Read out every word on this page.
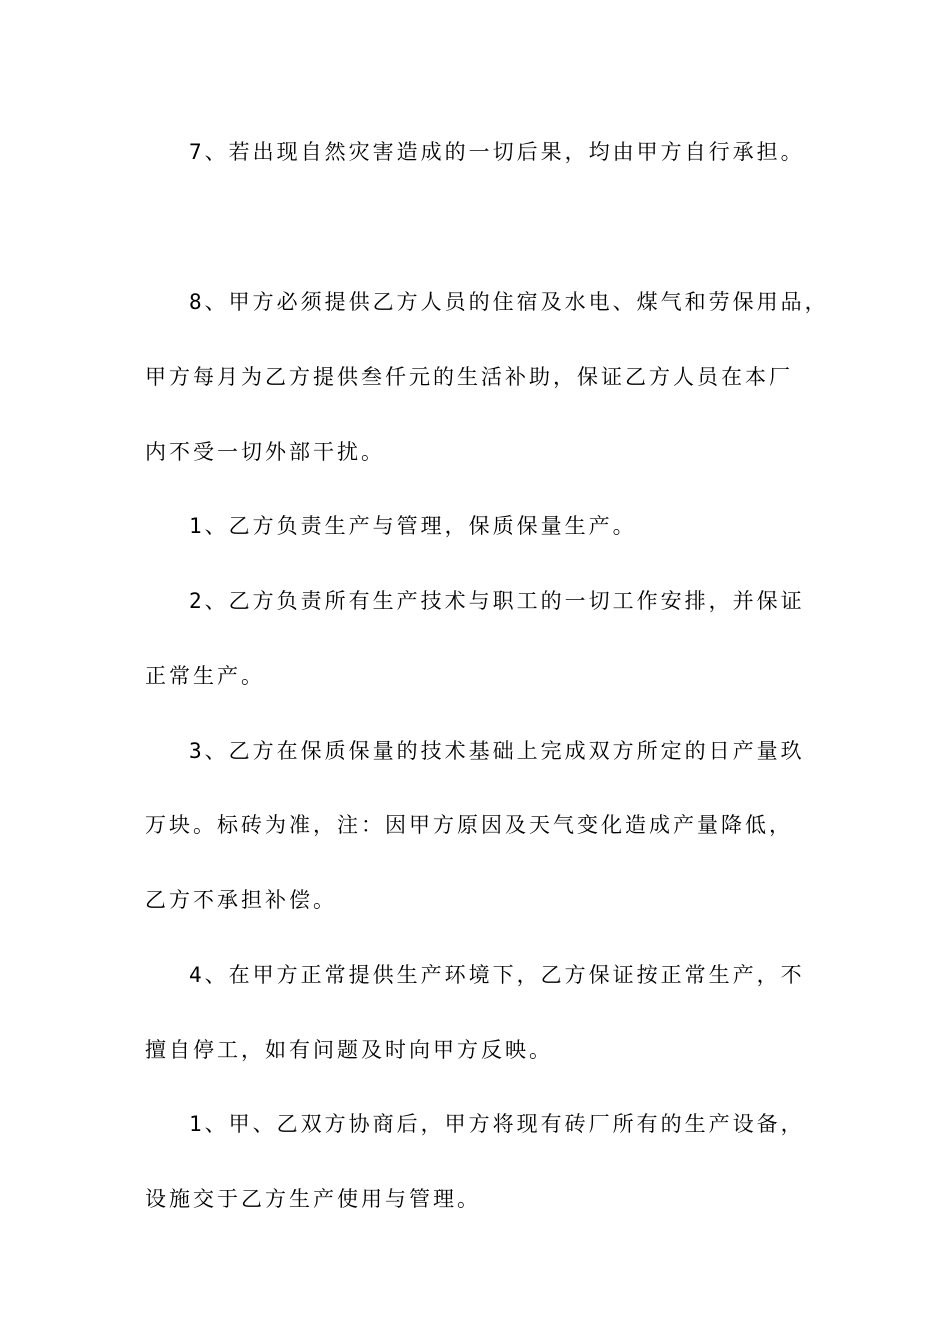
7、若出现自然灾害造成的一切后果，均由甲方自行承担。
8、甲方必须提供乙方人员的住宿及水电、煤气和劳保用品，
甲方每月为乙方提供叁仟元的生活补助，保证乙方人员在本厂
内不受一切外部干扰。
1、乙方负责生产与管理，保质保量生产。
2、乙方负责所有生产技术与职工的一切工作安排，并保证
正常生产。
3、乙方在保质保量的技术基础上完成双方所定的日产量玖
万块。标砖为准，注：因甲方原因及天气变化造成产量降低，
乙方不承担补偿。
4、在甲方正常提供生产环境下，乙方保证按正常生产，不
擅自停工，如有问题及时向甲方反映。
1、甲、乙双方协商后，甲方将现有砖厂所有的生产设备，
设施交于乙方生产使用与管理。
